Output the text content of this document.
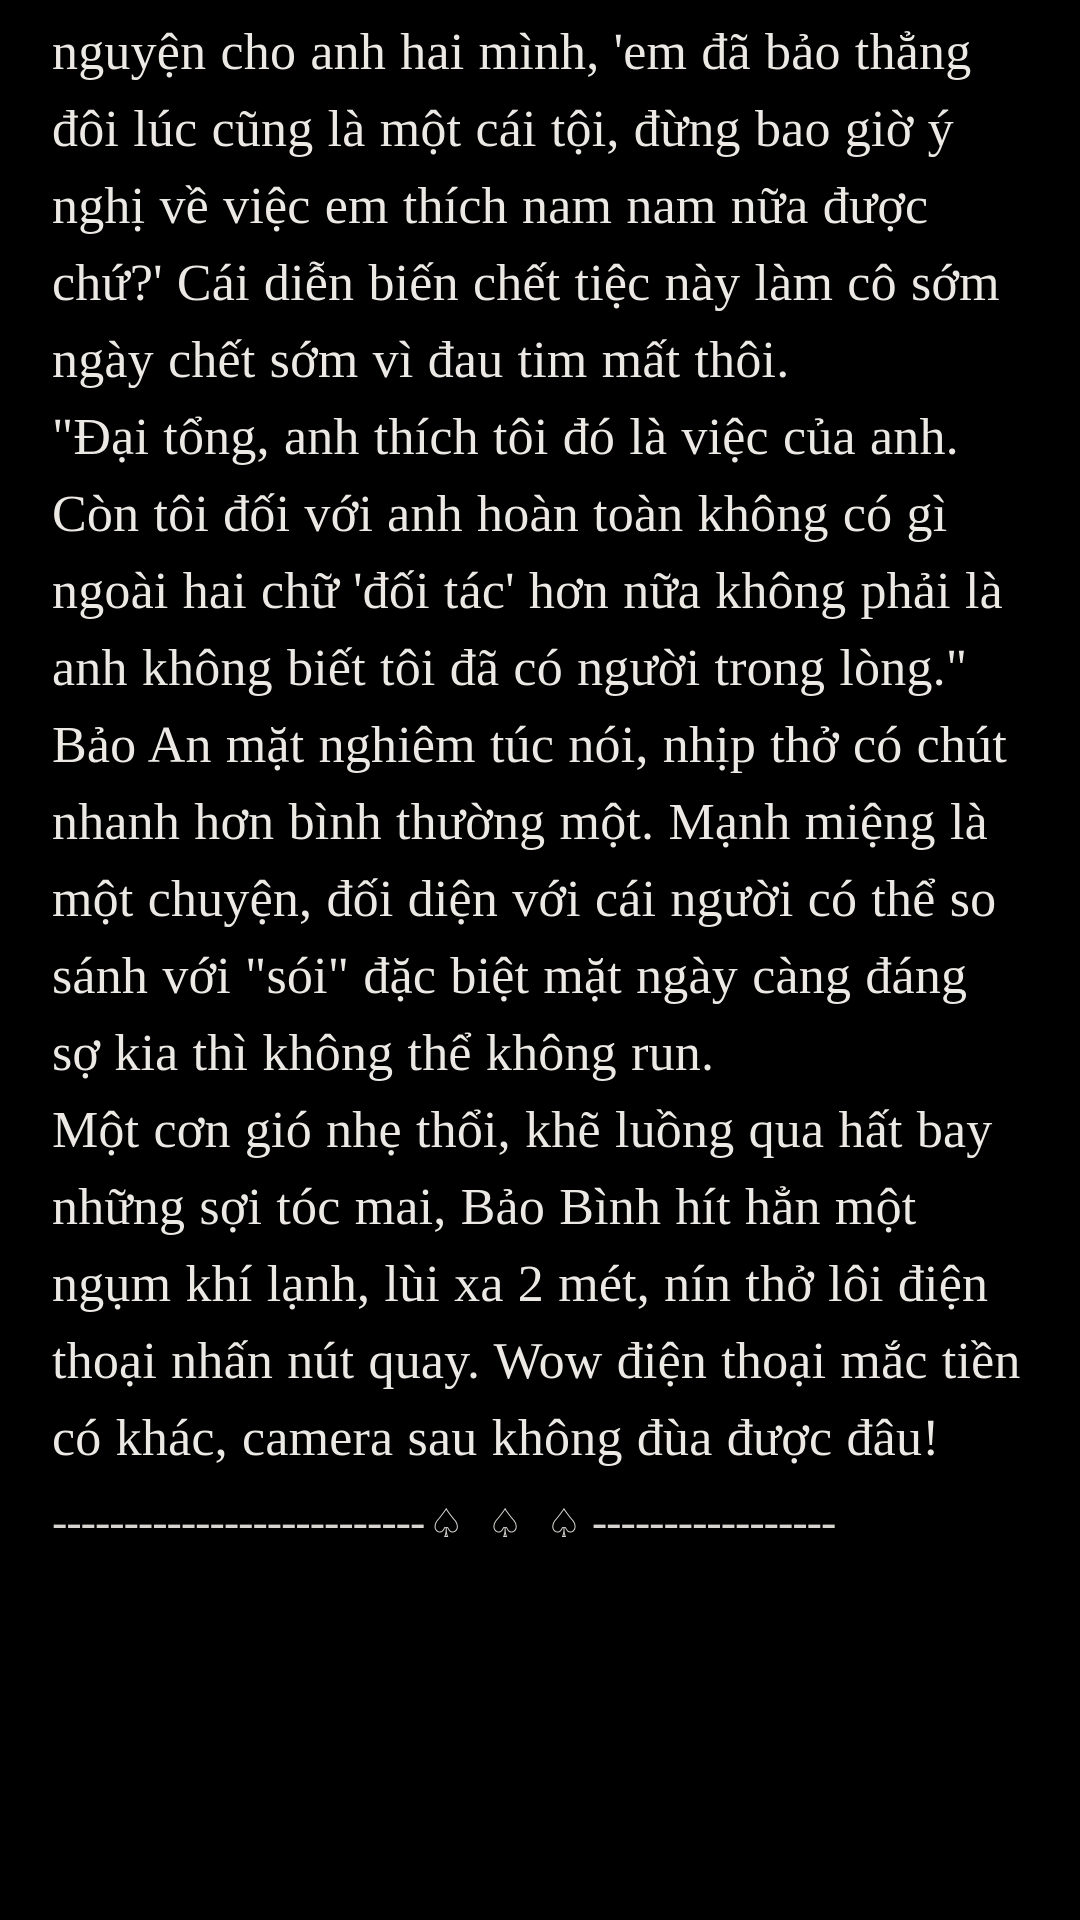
nguyện cho anh hai mình, 'em đã bảo thẳng đôi lúc cũng là một cái tội, đừng bao giờ ý nghị về việc em thích nam nam nữa được chứ?' Cái diễn biến chết tiệc này làm cô sớm ngày chết sớm vì đau tim mất thôi.

"Đại tổng, anh thích tôi đó là việc của anh. Còn tôi đối với anh hoàn toàn không có gì ngoài hai chữ 'đối tác' hơn nữa không phải là anh không biết tôi đã có người trong lòng." Bảo An mặt nghiêm túc nói, nhịp thở có chút nhanh hơn bình thường một. Mạnh miệng là một chuyện, đối diện với cái người có thể so sánh với "sói" đặc biệt mặt ngày càng đáng sợ kia thì không thể không run.

Một cơn gió nhẹ thổi, khẽ luồng qua hất bay những sợi tóc mai, Bảo Bình hít hẳn một ngụm khí lạnh, lùi xa 2 mét, nín thở lôi điện thoại nhấn nút quay. Wow điện thoại mắc tiền có khác, camera sau không đùa được đâu!

-------------------------- ♤ ♤ ♤-----------------
